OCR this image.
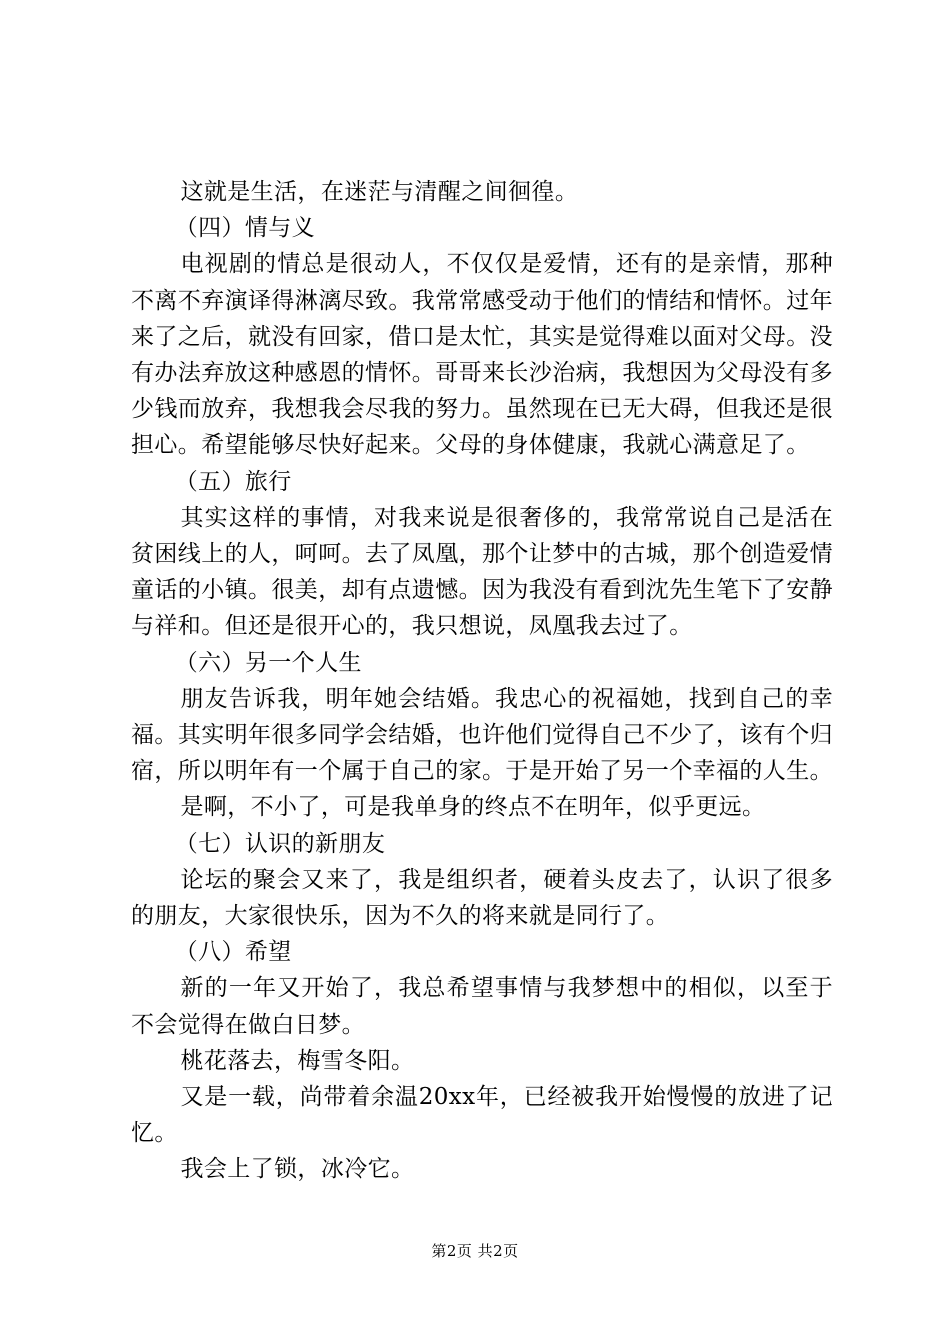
这就是生活，在迷茫与清醒之间徊徨。

（四）情与义

电视剧的情总是很动人，不仅仅是爱情，还有的是亲情，那种不离不弃演译得淋漓尽致。我常常感受动于他们的情结和情怀。过年来了之后，就没有回家，借口是太忙，其实是觉得难以面对父母。没有办法弃放这种感恩的情怀。哥哥来长沙治病，我想因为父母没有多少钱而放弃，我想我会尽我的努力。虽然现在已无大碍，但我还是很担心。希望能够尽快好起来。父母的身体健康，我就心满意足了。

（五）旅行

其实这样的事情，对我来说是很奢侈的，我常常说自己是活在贫困线上的人，呵呵。去了凤凰，那个让梦中的古城，那个创造爱情童话的小镇。很美，却有点遗憾。因为我没有看到沈先生笔下了安静与祥和。但还是很开心的，我只想说，凤凰我去过了。

（六）另一个人生

朋友告诉我，明年她会结婚。我忠心的祝福她，找到自己的幸福。其实明年很多同学会结婚，也许他们觉得自己不少了，该有个归宿，所以明年有一个属于自己的家。于是开始了另一个幸福的人生。

是啊，不小了，可是我单身的终点不在明年，似乎更远。

（七）认识的新朋友

论坛的聚会又来了，我是组织者，硬着头皮去了，认识了很多的朋友，大家很快乐，因为不久的将来就是同行了。

（八）希望

新的一年又开始了，我总希望事情与我梦想中的相似，以至于不会觉得在做白日梦。

桃花落去，梅雪冬阳。

又是一载，尚带着余温20xx年，已经被我开始慢慢的放进了记忆。

我会上了锁，冰冷它。

第2页 共2页
